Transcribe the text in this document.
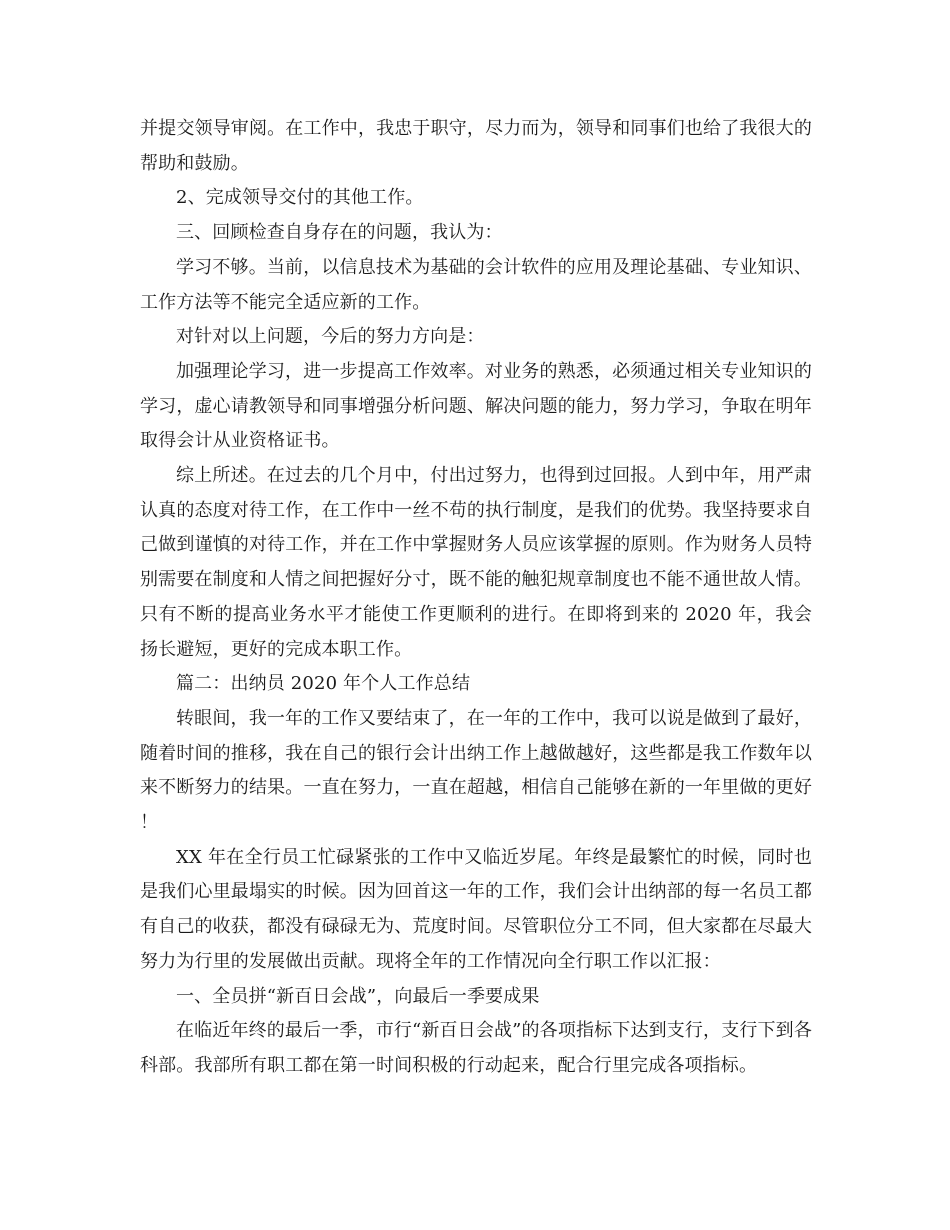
并提交领导审阅。在工作中，我忠于职守，尽力而为，领导和同事们也给了我很大的帮助和鼓励。

2、完成领导交付的其他工作。

三、回顾检查自身存在的问题，我认为：

学习不够。当前，以信息技术为基础的会计软件的应用及理论基础、专业知识、工作方法等不能完全适应新的工作。

对针对以上问题，今后的努力方向是：

加强理论学习，进一步提高工作效率。对业务的熟悉，必须通过相关专业知识的学习，虚心请教领导和同事增强分析问题、解决问题的能力，努力学习，争取在明年取得会计从业资格证书。

综上所述。在过去的几个月中，付出过努力，也得到过回报。人到中年，用严肃认真的态度对待工作，在工作中一丝不苟的执行制度，是我们的优势。我坚持要求自己做到谨慎的对待工作，并在工作中掌握财务人员应该掌握的原则。作为财务人员特别需要在制度和人情之间把握好分寸，既不能的触犯规章制度也不能不通世故人情。只有不断的提高业务水平才能使工作更顺利的进行。在即将到来的 2020 年，我会扬长避短，更好的完成本职工作。

篇二：出纳员 2020 年个人工作总结

转眼间，我一年的工作又要结束了，在一年的工作中，我可以说是做到了最好，随着时间的推移，我在自己的银行会计出纳工作上越做越好，这些都是我工作数年以来不断努力的结果。一直在努力，一直在超越，相信自己能够在新的一年里做的更好！

XX 年在全行员工忙碌紧张的工作中又临近岁尾。年终是最繁忙的时候，同时也是我们心里最塌实的时候。因为回首这一年的工作，我们会计出纳部的每一名员工都有自己的收获，都没有碌碌无为、荒度时间。尽管职位分工不同，但大家都在尽最大努力为行里的发展做出贡献。现将全年的工作情况向全行职工作以汇报：

一、全员拼“新百日会战”，向最后一季要成果

在临近年终的最后一季，市行“新百日会战”的各项指标下达到支行，支行下到各科部。我部所有职工都在第一时间积极的行动起来，配合行里完成各项指标。
